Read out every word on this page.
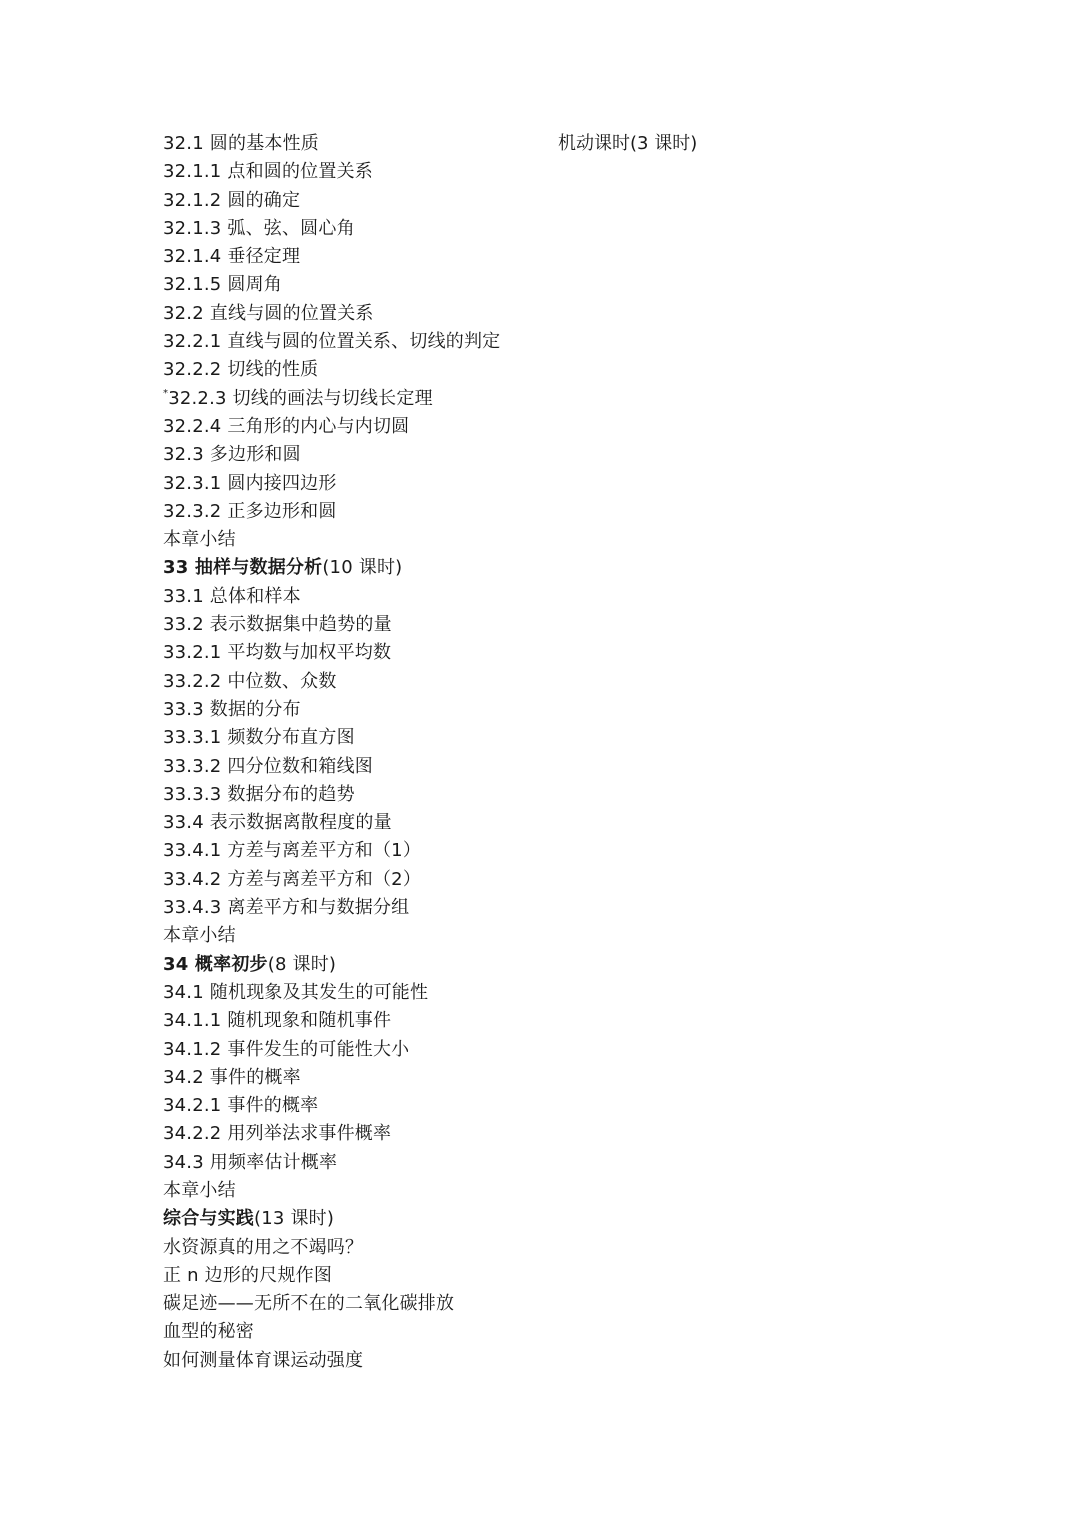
32.1 圆的基本性质
32.1.1 点和圆的位置关系
32.1.2 圆的确定
32.1.3 弧、弦、圆心角
32.1.4 垂径定理
32.1.5 圆周角
32.2 直线与圆的位置关系
32.2.1 直线与圆的位置关系、切线的判定
32.2.2 切线的性质
*32.2.3 切线的画法与切线长定理
32.2.4 三角形的内心与内切圆
32.3 多边形和圆
32.3.1 圆内接四边形
32.3.2 正多边形和圆
本章小结
33 抽样与数据分析(10 课时)
33.1 总体和样本
33.2 表示数据集中趋势的量
33.2.1 平均数与加权平均数
33.2.2 中位数、众数
33.3 数据的分布
33.3.1 频数分布直方图
33.3.2 四分位数和箱线图
33.3.3 数据分布的趋势
33.4 表示数据离散程度的量
33.4.1 方差与离差平方和（1）
33.4.2 方差与离差平方和（2）
33.4.3 离差平方和与数据分组
本章小结
34 概率初步(8 课时)
34.1 随机现象及其发生的可能性
34.1.1 随机现象和随机事件
34.1.2 事件发生的可能性大小
34.2 事件的概率
34.2.1 事件的概率
34.2.2 用列举法求事件概率
34.3 用频率估计概率
本章小结
综合与实践(13 课时)
水资源真的用之不竭吗？
正 n 边形的尺规作图
碳足迹——无所不在的二氧化碳排放
血型的秘密
如何测量体育课运动强度
机动课时(3 课时)
